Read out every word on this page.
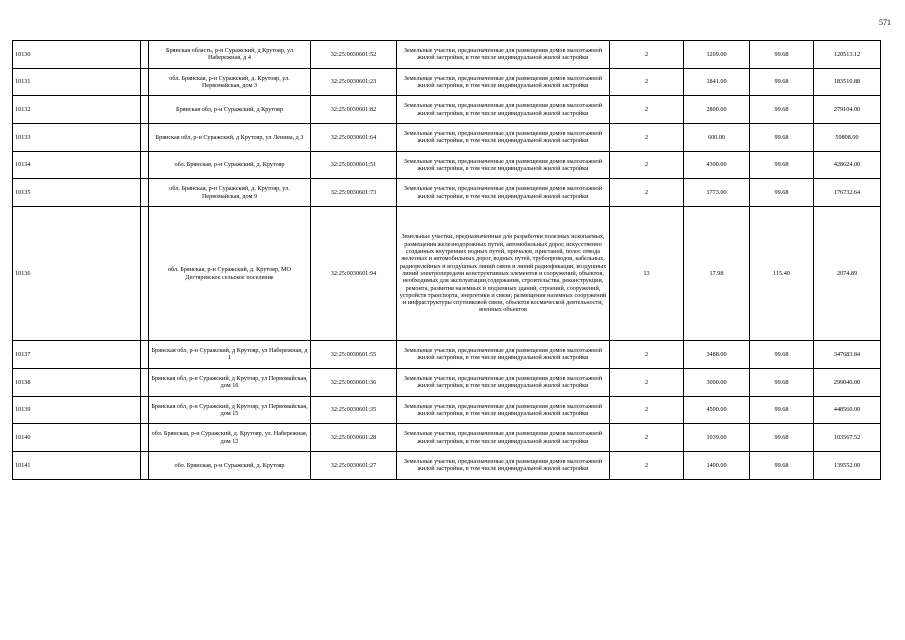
571
10130		Брянская область, р-н Суражский, д Крутояр, ул Набережная, д 4	32:25:0030601:52	Земельные участки, предназначенные для размещения домов малоэтажной жилой застройки, в том числе индивидуальной жилой застройки	2	1209.00	99.68	120513.12
10131		обл. Брянская, р-н Суражский, д. Крутояр, ул. Первомайская, дом 3	32:25:0030601:23	Земельные участки, предназначенные для размещения домов малоэтажной жилой застройки, в том числе индивидуальной жилой застройки	2	1841.00	99.68	183510.88
10132		Брянская обл, р-н Суражский, д Крутояр	32:25:0030601:82	Земельные участки, предназначенные для размещения домов малоэтажной жилой застройки, в том числе индивидуальной жилой застройки	2	2800.00	99.68	279104.00
10133		Брянская обл, р-н Суражский, д Крутояр, ул Ленина, д 3	32:25:0030601:64	Земельные участки, предназначенные для размещения домов малоэтажной жилой застройки, в том числе индивидуальной жилой застройки	2	600.00	99.68	59808.00
10134		обл. Брянская, р-н Суражский, д. Крутояр	32:25:0030601:51	Земельные участки, предназначенные для размещения домов малоэтажной жилой застройки, в том числе индивидуальной жилой застройки	2	4300.00	99.68	428624.00
10135		обл. Брянская, р-н Суражский, д. Крутояр, ул. Первомайская, дом 9	32:25:0030601:73	Земельные участки, предназначенные для размещения домов малоэтажной жилой застройки, в том числе индивидуальной жилой застройки	2	1773.00	99.68	176732.64
10136		обл. Брянская, р-н Суражский, д. Крутояр, МО Дегтяревское сельское поселение	32:25:0030601:94	Земельные участки, предназначенные для разработки полезных ископаемых, размещения железнодорожных путей, автомобильных дорог, искусственно созданных внутренних водных путей, причалов, пристаней, полос отвода железных и автомобильных дорог, водных путей, трубопроводов, кабельных, радиорелейных и воздушных линий связи и линий радиофикации, воздушных линий электропередачи конструктивных элементов и сооружений, объектов, необходимых для эксплуатации,содержания, строительства, реконструкции, ремонта, развития наземных и подземных зданий, строений, сооружений, устройств транспорта, энергетики и связи; размещения наземных сооружений и инфраструктуры спутниковой связи, объектов космической деятельности, военных объектов	13	17.98	115.40	2074.89
10137		Брянская обл, р-н Суражский, д Крутояр, ул Набережная, д 1	32:25:0030601:55	Земельные участки, предназначенные для размещения домов малоэтажной жилой застройки, в том числе индивидуальной жилой застройки	2	3488.00	99.68	347683.84
10138		Брянская обл, р-н Суражский, д Крутояр, ул Первомайская, дом 16	32:25:0030601:36	Земельные участки, предназначенные для размещения домов малоэтажной жилой застройки, в том числе индивидуальной жилой застройки	2	3000.00	99.68	299040.00
10139		Брянская обл, р-н Суражский, д Крутояр, ул Первомайская, дом 15	32:25:0030601:35	Земельные участки, предназначенные для размещения домов малоэтажной жилой застройки, в том числе индивидуальной жилой застройки	2	4500.00	99.68	448560.00
10140		обл. Брянская, р-н Суражский, д. Крутояр, ул. Набережная, дом 12	32:25:0030601:28	Земельные участки, предназначенные для размещения домов малоэтажной жилой застройки, в том числе индивидуальной жилой застройки	2	1039.00	99.68	103567.52
10141		обл. Брянская, р-н Суражский, д. Крутояр	32:25:0030601:27	Земельные участки, предназначенные для размещения домов малоэтажной жилой застройки, в том числе индивидуальной жилой застройки	2	1400.00	99.68	139552.00
